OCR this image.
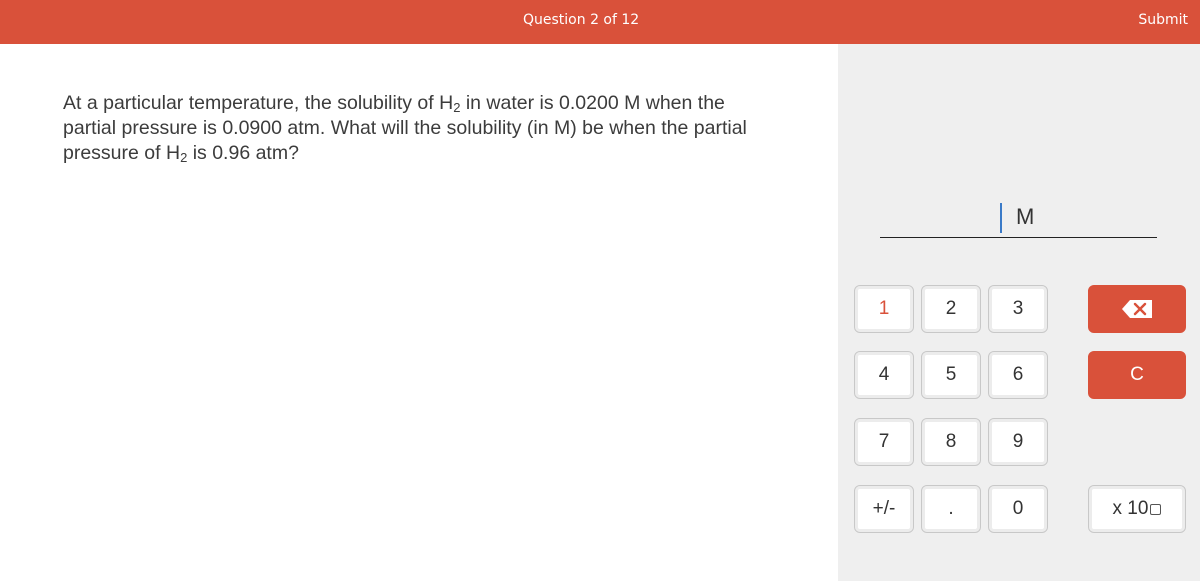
Question 2 of 12	Submit
At a particular temperature, the solubility of $H_2$ in water is 0.0200 M when the partial pressure is 0.0900 atm. What will the solubility (in M) be when the partial pressure of $H_2$ is 0.96 atm?
M
1	2	3
4	5	6	C
7	8	9
+/-	.	0	x 10
